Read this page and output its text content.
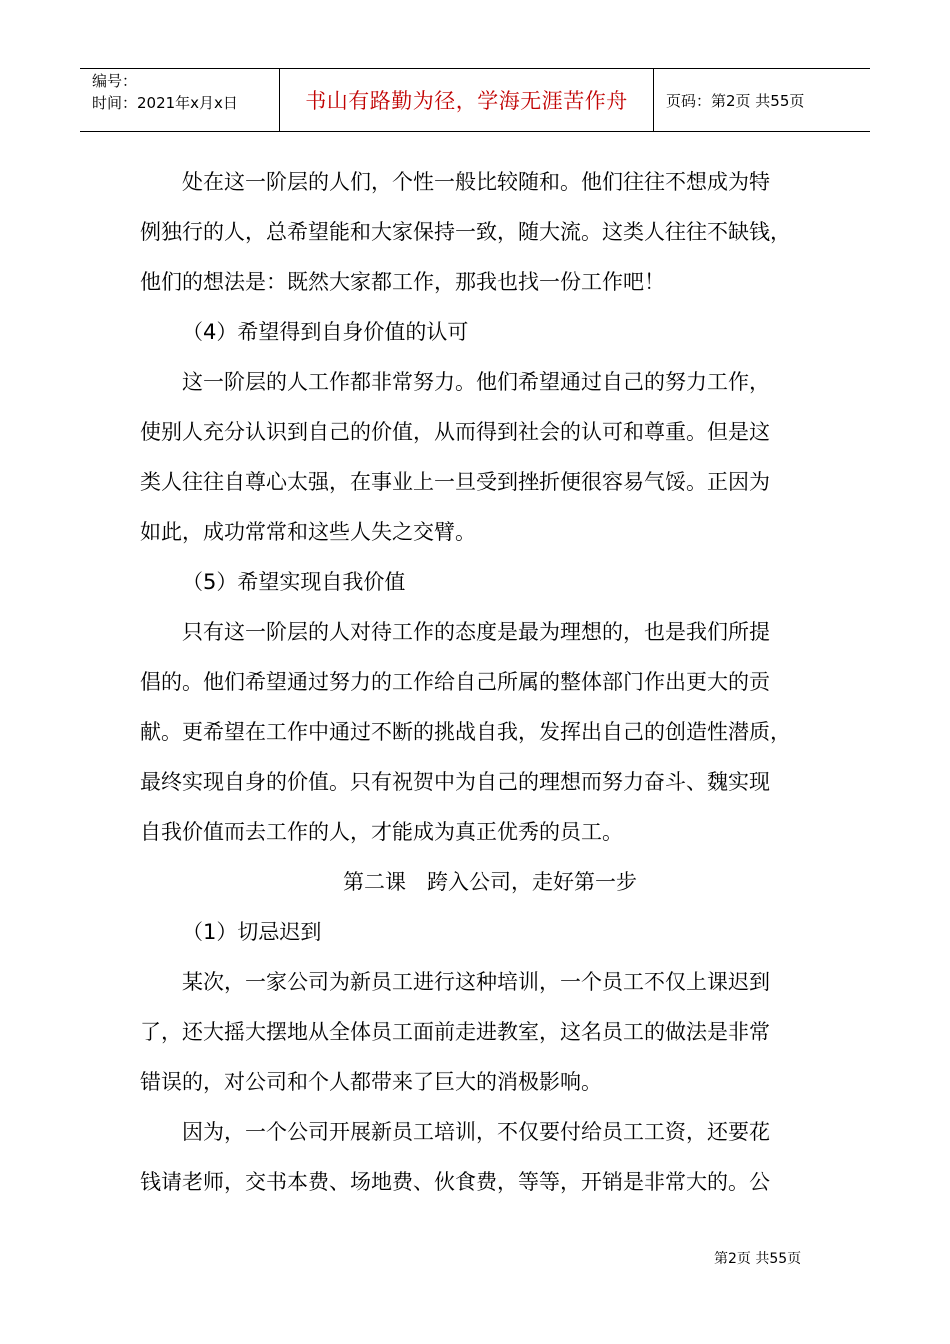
编号：
时间：2021年x月x日	书山有路勤为径，学海无涯苦作舟	页码：第2页 共55页

处在这一阶层的人们，个性一般比较随和。他们往往不想成为特

例独行的人，总希望能和大家保持一致，随大流。这类人往往不缺钱，

他们的想法是：既然大家都工作，那我也找一份工作吧！

（4）希望得到自身价值的认可

这一阶层的人工作都非常努力。他们希望通过自己的努力工作，

使别人充分认识到自己的价值，从而得到社会的认可和尊重。但是这

类人往往自尊心太强，在事业上一旦受到挫折便很容易气馁。正因为

如此，成功常常和这些人失之交臂。

（5）希望实现自我价值

只有这一阶层的人对待工作的态度是最为理想的，也是我们所提

倡的。他们希望通过努力的工作给自己所属的整体部门作出更大的贡

献。更希望在工作中通过不断的挑战自我，发挥出自己的创造性潜质，

最终实现自身的价值。只有祝贺中为自己的理想而努力奋斗、魏实现

自我价值而去工作的人，才能成为真正优秀的员工。

第二课　跨入公司，走好第一步

（1）切忌迟到

某次，一家公司为新员工进行这种培训，一个员工不仅上课迟到

了，还大摇大摆地从全体员工面前走进教室，这名员工的做法是非常

错误的，对公司和个人都带来了巨大的消极影响。

因为，一个公司开展新员工培训，不仅要付给员工工资，还要花

钱请老师，交书本费、场地费、伙食费，等等，开销是非常大的。公

第2页 共55页
